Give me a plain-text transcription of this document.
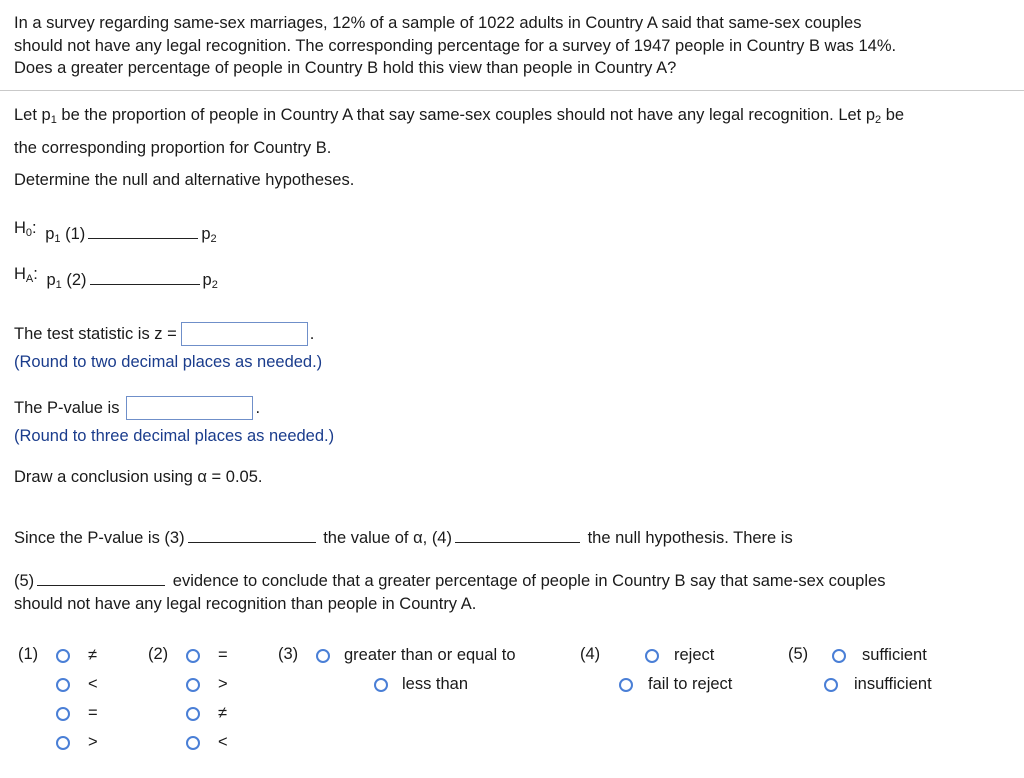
In a survey regarding same-sex marriages, 12% of a sample of 1022 adults in Country A said that same-sex couples
should not have any legal recognition. The corresponding percentage for a survey of 1947 people in Country B was 14%.
Does a greater percentage of people in Country B hold this view than people in Country A?
Let $p_1$ be the proportion of people in Country A that say same-sex couples should not have any legal recognition. Let $p_2$ be
the corresponding proportion for Country B.
Determine the null and alternative hypotheses.
$H_0$: $p_1$ (1)	$p_2$
$H_A$: $p_1$ (2)	$p_2$
The test statistic is z =	.
(Round to two decimal places as needed.)
The P-value is	.
(Round to three decimal places as needed.)
Draw a conclusion using α = 0.05.
Since the P-value is (3)	the value of α, (4)	the null hypothesis. There is
(5)	evidence to conclude that a greater percentage of people in Country B say that same-sex couples
should not have any legal recognition than people in Country A.
(1)	≠
<
=
>
(2)	=
>
≠
<
(3)	greater than or equal to
less than
(4)	reject
fail to reject
(5)	sufficient
insufficient
